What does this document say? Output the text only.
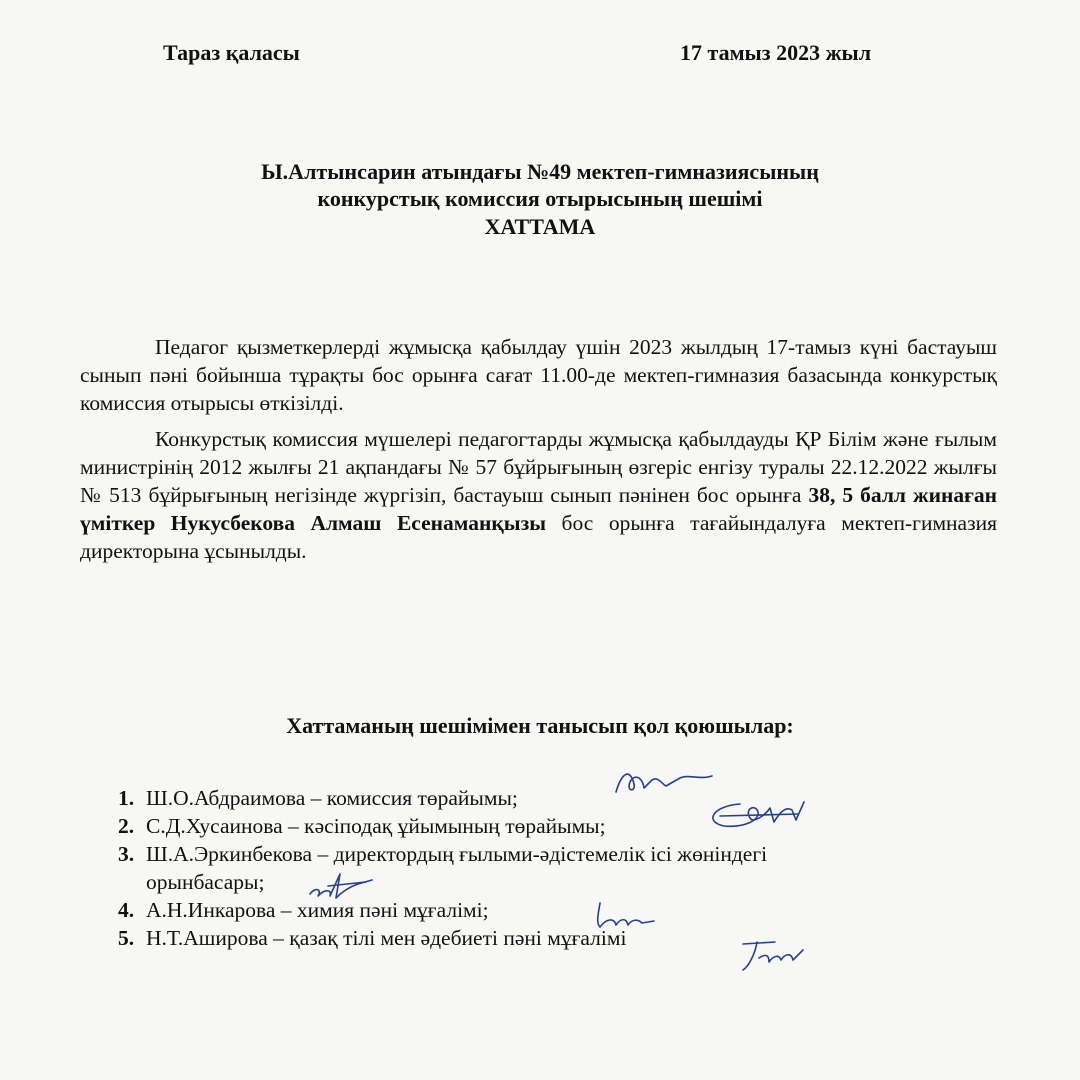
Тараз қаласы	17 тамыз 2023 жыл
Ы.Алтынсарин атындағы №49 мектеп-гимназиясының
конкурстық комиссия отырысының шешімі
ХАТТАМА
Педагог қызметкерлерді жұмысқа қабылдау үшін 2023 жылдың 17-тамыз күні бастауыш сынып пәні бойынша тұрақты бос орынға сағат 11.00-де мектеп-гимназия базасында конкурстық комиссия отырысы өткізілді.
Конкурстық комиссия мүшелері педагогтарды жұмысқа қабылдауды ҚР Білім және ғылым министрінің 2012 жылғы 21 ақпандағы № 57 бұйрығының өзгеріс енгізу туралы 22.12.2022 жылғы № 513 бұйрығының негізінде жүргізіп, бастауыш сынып пәнінен бос орынға 38, 5 балл жинаған үміткер Нукусбекова Алмаш Есенаманқызы бос орынға тағайындалуға мектеп-гимназия директорына ұсынылды.
Хаттаманың шешімімен танысып қол қоюшылар:
1. Ш.О.Абдраимова – комиссия төрайымы;
2. С.Д.Хусаинова – кәсіподақ ұйымының төрайымы;
3. Ш.А.Эркинбекова – директордың ғылыми-әдістемелік ісі жөніндегі
орынбасары;
4. А.Н.Инкарова – химия пәні мұғалімі;
5. Н.Т.Аширова – қазақ тілі мен әдебиеті пәні мұғалімі
